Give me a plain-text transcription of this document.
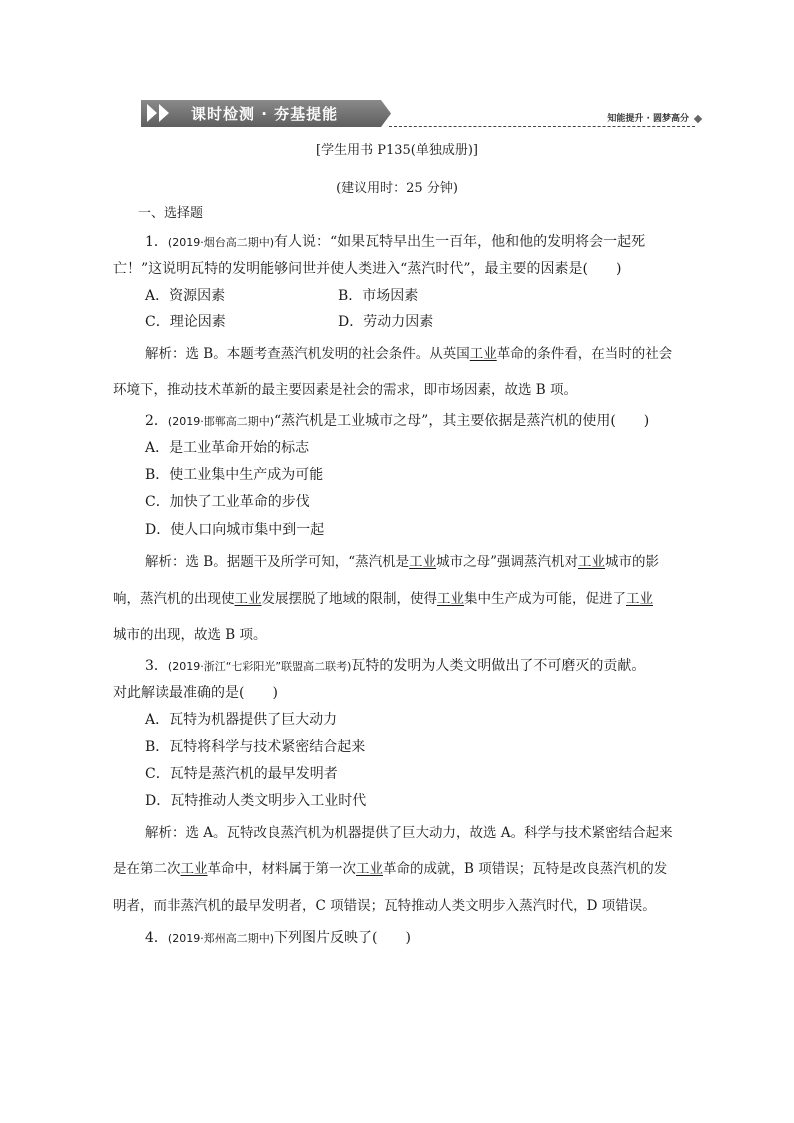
课时检测 · 夯基提能	知能提升 · 圆梦高分
[学生用书 P135(单独成册)]
(建议用时：25 分钟)
一、选择题
1．(2019·烟台高二期中)有人说：“如果瓦特早出生一百年，他和他的发明将会一起死
亡！”这说明瓦特的发明能够问世并使人类进入“蒸汽时代”，最主要的因素是( )
A．资源因素	B．市场因素
C．理论因素	D．劳动力因素
解析：选 B。本题考查蒸汽机发明的社会条件。从英国工业革命的条件看，在当时的社会
环境下，推动技术革新的最主要因素是社会的需求，即市场因素，故选 B 项。
2．(2019·邯郸高二期中)“蒸汽机是工业城市之母”，其主要依据是蒸汽机的使用( )
A．是工业革命开始的标志
B．使工业集中生产成为可能
C．加快了工业革命的步伐
D．使人口向城市集中到一起
解析：选 B。据题干及所学可知，“蒸汽机是工业城市之母”强调蒸汽机对工业城市的影
响，蒸汽机的出现使工业发展摆脱了地域的限制，使得工业集中生产成为可能，促进了工业
城市的出现，故选 B 项。
3．(2019·浙江“七彩阳光”联盟高二联考)瓦特的发明为人类文明做出了不可磨灭的贡献。
对此解读最准确的是( )
A．瓦特为机器提供了巨大动力
B．瓦特将科学与技术紧密结合起来
C．瓦特是蒸汽机的最早发明者
D．瓦特推动人类文明步入工业时代
解析：选 A。瓦特改良蒸汽机为机器提供了巨大动力，故选 A。科学与技术紧密结合起来
是在第二次工业革命中，材料属于第一次工业革命的成就，B 项错误；瓦特是改良蒸汽机的发
明者，而非蒸汽机的最早发明者，C 项错误；瓦特推动人类文明步入蒸汽时代，D 项错误。
4．(2019·郑州高二期中)下列图片反映了( )
